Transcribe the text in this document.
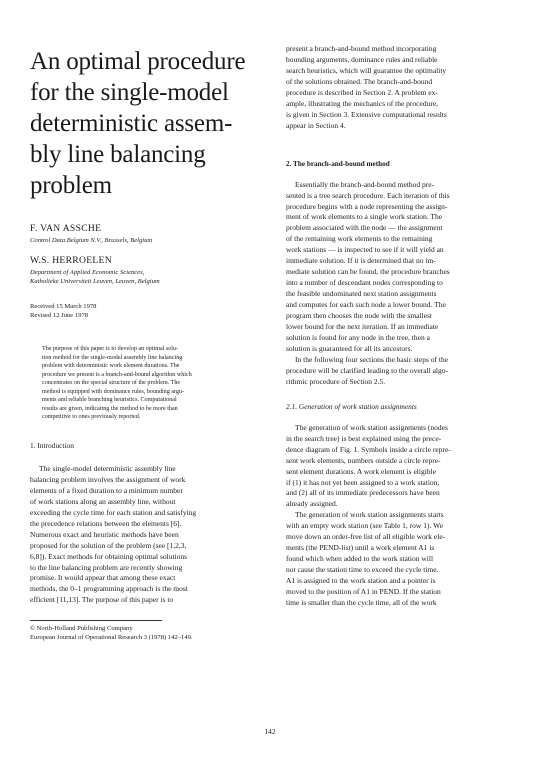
An optimal procedure
for the single-model
deterministic assem-
bly line balancing
problem
F. VAN ASSCHE
Control Data Belgium N.V., Brussels, Belgium
W.S. HERROELEN
Department of Applied Economic Sciences,
Katholieke Universiteit Leuven, Leuven, Belgium
Received 15 March 1978
Revised 12 June 1978
The purpose of this paper is to develop an optimal solu-
tion method for the single-model assembly line balancing
problem with deterministic work element durations. The
procedure we present is a branch-and-bound algorithm which
concentrates on the special structure of the problem. The
method is equipped with dominance rules, bounding argu-
ments and reliable branching heuristics. Computational
results are given, indicating the method to be more than
competitive to ones previously reported.
1. Introduction
The single-model deterministic assembly line
balancing problem involves the assignment of work
elements of a fixed duration to a minimum number
of work stations along an assembly line, without
exceeding the cycle time for each station and satisfying
the precedence relations between the elements [6].
Numerous exact and heuristic methods have been
proposed for the solution of the problem (see [1,2,3,
6,8]). Exact methods for obtaining optimal solutions
to the line balancing problem are recently showing
promise. It would appear that among these exact
methods, the 0–1 programming approach is the most
efficient [11,13]. The purpose of this paper is to
© North-Holland Publishing Company
European Journal of Operational Research 3 (1978) 142–149.
present a branch-and-bound method incorporating
bounding arguments, dominance rules and reliable
search heuristics, which will guarantee the optimality
of the solutions obtained. The branch-and-bound
procedure is described in Section 2. A problem ex-
ample, illustrating the mechanics of the procedure,
is given in Section 3. Extensive computational results
appear in Section 4.
2. The branch-and-bound method
Essentially the branch-and-bound method pre-
sented is a tree search procedure. Each iteration of this
procedure begins with a node representing the assign-
ment of work elements to a single work station. The
problem associated with the node — the assignment
of the remaining work elements to the remaining
work stations — is inspected to see if it will yield an
immediate solution. If it is determined that no im-
mediate solution can be found, the procedure branches
into a number of descendant nodes corresponding to
the feasible undominated next station assignments
and computes for each such node a lower bound. The
program then chooses the node with the smallest
lower bound for the next iteration. If an immediate
solution is found for any node in the tree, then a
solution is guaranteed for all its ancestors.
In the following four sections the basic steps of the
procedure will be clarified leading to the overall algo-
rithmic procedure of Section 2.5.
2.1. Generation of work station assignments
The generation of work station assignments (nodes
in the search tree) is best explained using the prece-
dence diagram of Fig. 1. Symbols inside a circle repre-
sent work elements, numbers outside a circle repre-
sent element durations. A work element is eligible
if (1) it has not yet been assigned to a work station,
and (2) all of its immediate predecessors have been
already assigned.
The generation of work station assignments starts
with an empty work station (see Table 1, row 1). We
move down an order-free list of all eligible work ele-
ments (the PEND-list) until a work element A1 is
found which when added to the work station will
not cause the station time to exceed the cycle time.
A1 is assigned to the work station and a pointer is
moved to the position of A1 in PEND. If the station
time is smaller than the cycle time, all of the work
142
